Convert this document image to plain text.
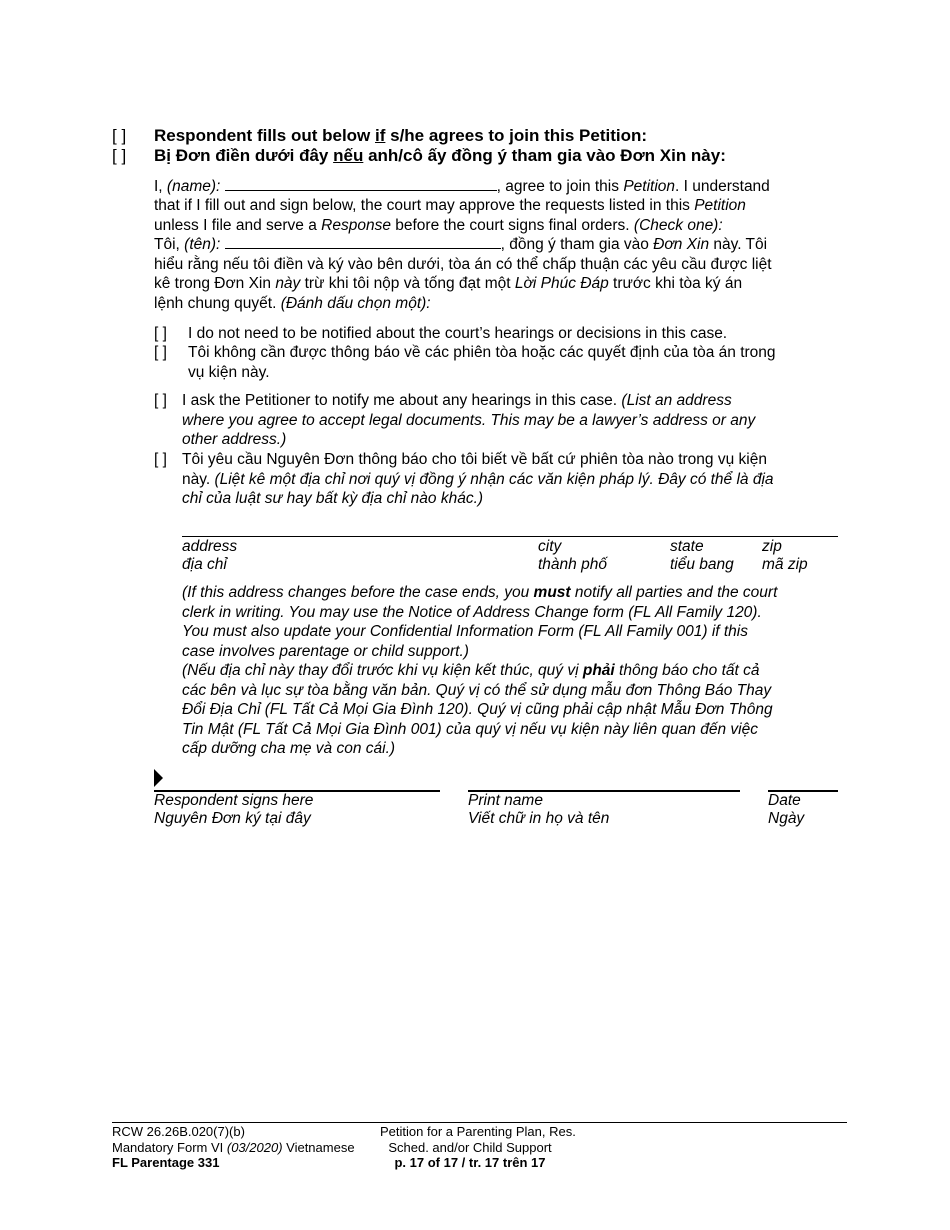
[ ] Respondent fills out below if s/he agrees to join this Petition:
[ ] Bị Đơn điền dưới đây nếu anh/cô ấy đồng ý tham gia vào Đơn Xin này:
I, (name):	, agree to join this Petition. I understand
that if I fill out and sign below, the court may approve the requests listed in this Petition
unless I file and serve a Response before the court signs final orders. (Check one):
Tôi, (tên):	, đồng ý tham gia vào Đơn Xin này. Tôi
hiểu rằng nếu tôi điền và ký vào bên dưới, tòa án có thể chấp thuận các yêu cầu được liệt
kê trong Đơn Xin này trừ khi tôi nộp và tống đạt một Lời Phúc Đáp trước khi tòa ký án
lệnh chung quyết. (Đánh dấu chọn một):
[ ] I do not need to be notified about the court’s hearings or decisions in this case.
[ ] Tôi không cần được thông báo về các phiên tòa hoặc các quyết định của tòa án trong
vụ kiện này.
[ ] I ask the Petitioner to notify me about any hearings in this case. (List an address
where you agree to accept legal documents. This may be a lawyer’s address or any
other address.)
[ ] Tôi yêu cầu Nguyên Đơn thông báo cho tôi biết về bất cứ phiên tòa nào trong vụ kiện
này. (Liệt kê một địa chỉ nơi quý vị đồng ý nhận các văn kiện pháp lý. Đây có thể là địa
chỉ của luật sư hay bất kỳ địa chỉ nào khác.)
address
địa chỉ
city
thành phố
state
tiểu bang
zip
mã zip
(If this address changes before the case ends, you must notify all parties and the court
clerk in writing. You may use the Notice of Address Change form (FL All Family 120).
You must also update your Confidential Information Form (FL All Family 001) if this
case involves parentage or child support.)
(Nếu địa chỉ này thay đổi trước khi vụ kiện kết thúc, quý vị phải thông báo cho tất cả
các bên và lục sự tòa bằng văn bản. Quý vị có thể sử dụng mẫu đơn Thông Báo Thay
Đổi Địa Chỉ (FL Tất Cả Mọi Gia Đình 120). Quý vị cũng phải cập nhật Mẫu Đơn Thông
Tin Mật (FL Tất Cả Mọi Gia Đình 001) của quý vị nếu vụ kiện này liên quan đến việc
cấp dưỡng cha mẹ và con cái.)
Respondent signs here
Nguyên Đơn ký tại đây
Print name
Viết chữ in họ và tên
Date
Ngày
RCW 26.26B.020(7)(b)
Mandatory Form VI (03/2020) Vietnamese
FL Parentage 331
Petition for a Parenting Plan, Res.
Sched. and/or Child Support
p. 17 of 17 / tr. 17 trên 17
